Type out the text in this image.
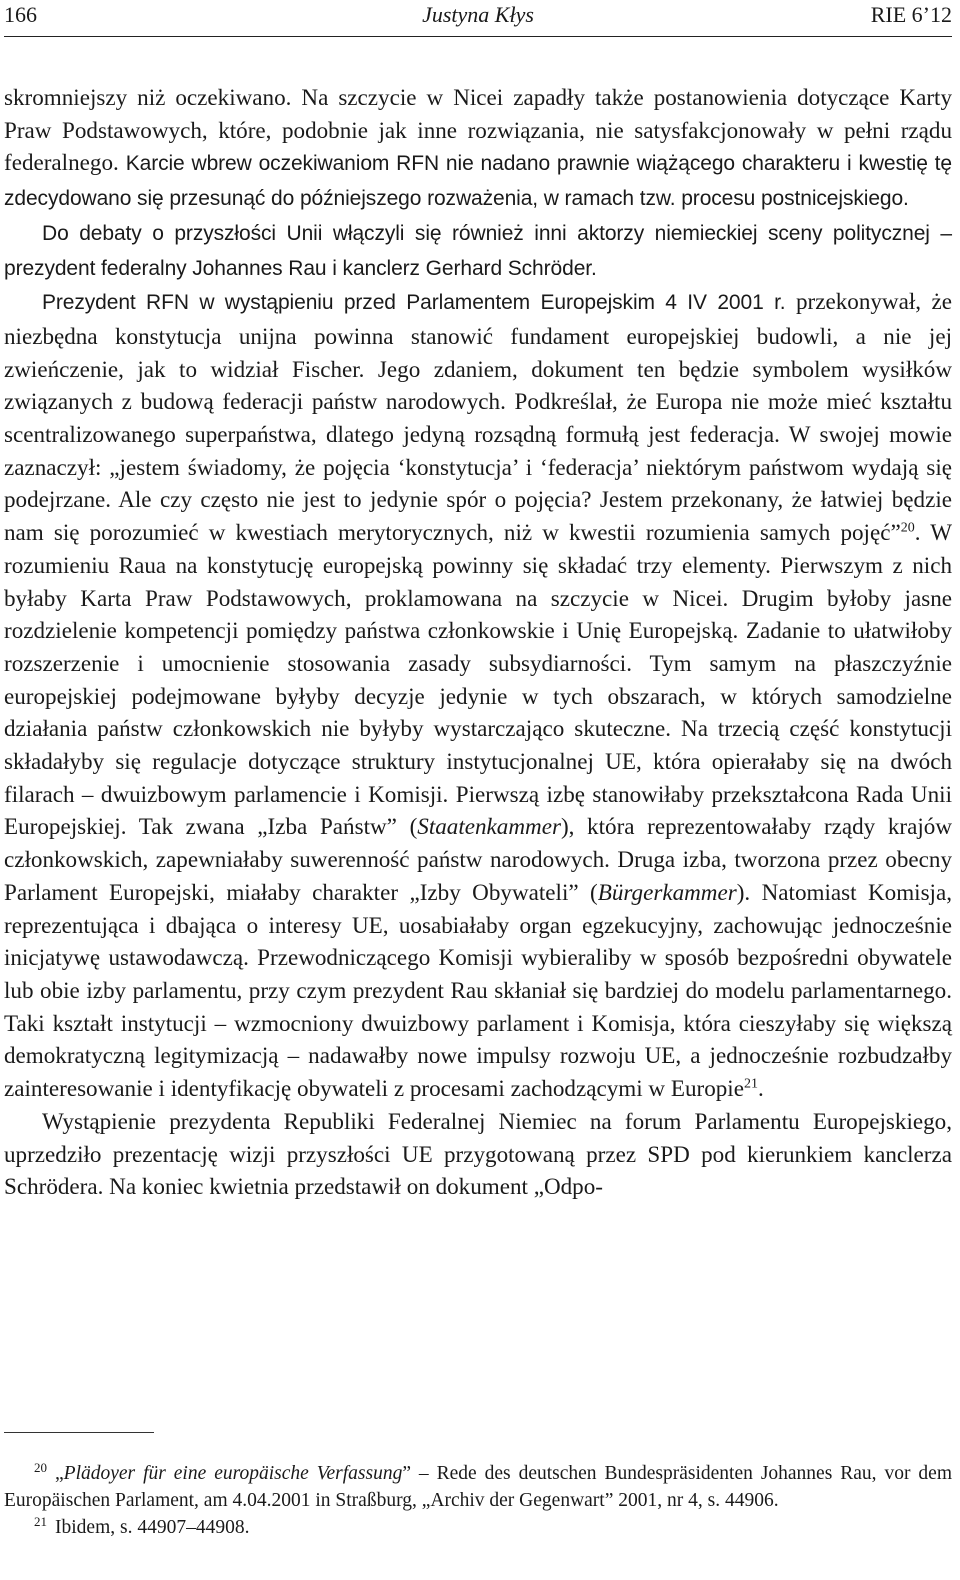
166	Justyna Kłys	RIE 6’12

skromniejszy niż oczekiwano. Na szczycie w Nicei zapadły także postanowienia dotyczące Karty Praw Podstawowych, które, podobnie jak inne rozwiązania, nie satysfakcjonowały w pełni rządu federalnego. Karcie wbrew oczekiwaniom RFN nie nadano prawnie wiążącego charakteru i kwestię tę zdecydowano się przesunąć do późniejszego rozważenia, w ramach tzw. procesu postnicejskiego.

Do debaty o przyszłości Unii włączyli się również inni aktorzy niemieckiej sceny politycznej – prezydent federalny Johannes Rau i kanclerz Gerhard Schröder.

Prezydent RFN w wystąpieniu przed Parlamentem Europejskim 4 IV 2001 r. przekonywał, że niezbędna konstytucja unijna powinna stanowić fundament europejskiej budowli, a nie jej zwieńczenie, jak to widział Fischer. Jego zdaniem, dokument ten będzie symbolem wysiłków związanych z budową federacji państw narodowych. Podkreślał, że Europa nie może mieć kształtu scentralizowanego superpaństwa, dlatego jedyną rozsądną formułą jest federacja. W swojej mowie zaznaczył: „jestem świadomy, że pojęcia ‘konstytucja’ i ‘federacja’ niektórym państwom wydają się podejrzane. Ale czy często nie jest to jedynie spór o pojęcia? Jestem przekonany, że łatwiej będzie nam się porozumieć w kwestiach merytorycznych, niż w kwestii rozumienia samych pojęć”$^{20}$. W rozumieniu Raua na konstytucję europejską powinny się składać trzy elementy. Pierwszym z nich byłaby Karta Praw Podstawowych, proklamowana na szczycie w Nicei. Drugim byłoby jasne rozdzielenie kompetencji pomiędzy państwa członkowskie i Unię Europejską. Zadanie to ułatwiłoby rozszerzenie i umocnienie stosowania zasady subsydiarności. Tym samym na płaszczyźnie europejskiej podejmowane byłyby decyzje jedynie w tych obszarach, w których samodzielne działania państw członkowskich nie byłyby wystarczająco skuteczne. Na trzecią część konstytucji składałyby się regulacje dotyczące struktury instytucjonalnej UE, która opierałaby się na dwóch filarach – dwuizbowym parlamencie i Komisji. Pierwszą izbę stanowiłaby przekształcona Rada Unii Europejskiej. Tak zwana „Izba Państw” (Staatenkammer), która reprezentowałaby rządy krajów członkowskich, zapewniałaby suwerenność państw narodowych. Druga izba, tworzona przez obecny Parlament Europejski, miałaby charakter „Izby Obywateli” (Bürgerkammer). Natomiast Komisja, reprezentująca i dbająca o interesy UE, uosabiałaby organ egzekucyjny, zachowując jednocześnie inicjatywę ustawodawczą. Przewodniczącego Komisji wybieraliby w sposób bezpośredni obywatele lub obie izby parlamentu, przy czym prezydent Rau skłaniał się bardziej do modelu parlamentarnego. Taki kształt instytucji – wzmocniony dwuizbowy parlament i Komisja, która cieszyłaby się większą demokratyczną legitymizacją – nadawałby nowe impulsy rozwoju UE, a jednocześnie rozbudzałby zainteresowanie i identyfikację obywateli z procesami zachodzącymi w Europie$^{21}$.

Wystąpienie prezydenta Republiki Federalnej Niemiec na forum Parlamentu Europejskiego, uprzedziło prezentację wizji przyszłości UE przygotowaną przez SPD pod kierunkiem kanclerza Schrödera. Na koniec kwietnia przedstawił on dokument „Odpo-

$^{20}$ „Plädoyer für eine europäische Verfassung” – Rede des deutschen Bundespräsidenten Johannes Rau, vor dem Europäischen Parlament, am 4.04.2001 in Straßburg, „Archiv der Gegenwart” 2001, nr 4, s. 44906.

$^{21}$ Ibidem, s. 44907–44908.
